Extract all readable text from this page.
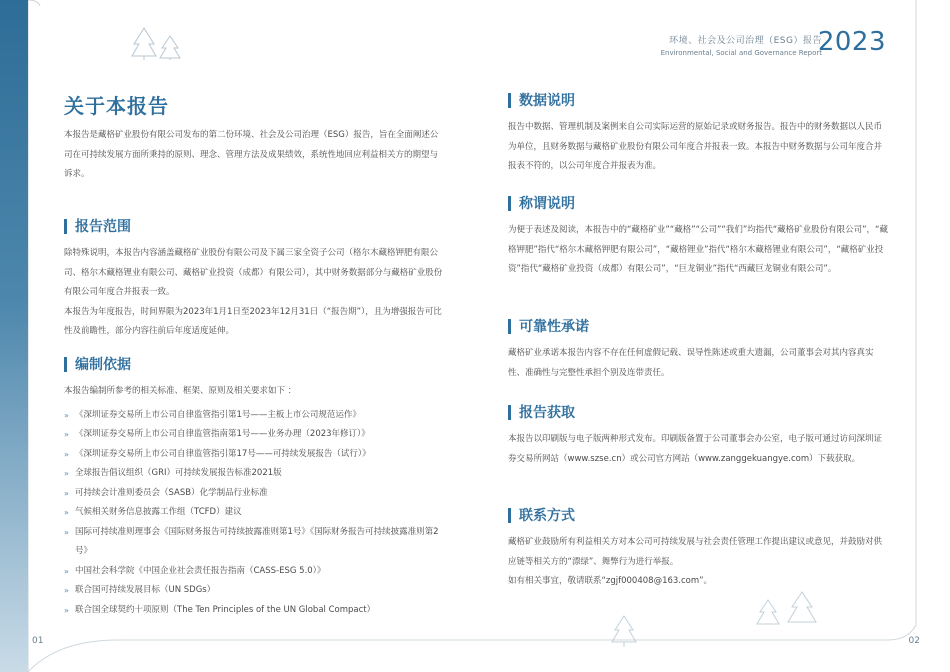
环境、社会及公司治理（ESG）报告
Environmental, Social and Governance Report
2023
关于本报告

本报告是藏格矿业股份有限公司发布的第二份环境、社会及公司治理（ESG）报告，旨在全面阐述公司在可持续发展方面所秉持的原则、理念、管理方法及成果绩效，系统性地回应利益相关方的期望与诉求。

报告范围

除特殊说明，本报告内容涵盖藏格矿业股份有限公司及下属三家全资子公司（格尔木藏格钾肥有限公司、格尔木藏格锂业有限公司、藏格矿业投资（成都）有限公司），其中财务数据部分与藏格矿业股份有限公司年度合并报表一致。

本报告为年度报告，时间界限为2023年1月1日至2023年12月31日（“报告期”），且为增强报告可比性及前瞻性，部分内容往前后年度适度延伸。

编制依据

本报告编制所参考的相关标准、框架、原则及相关要求如下 ：

» 《深圳证券交易所上市公司自律监管指引第1号——主板上市公司规范运作》
» 《深圳证券交易所上市公司自律监管指南第1号——业务办理（2023年修订）》
» 《深圳证券交易所上市公司自律监管指引第17号——可持续发展报告（试行）》
» 全球报告倡议组织（GRI）可持续发展报告标准2021版
» 可持续会计准则委员会（SASB）化学制品行业标准
» 气候相关财务信息披露工作组（TCFD）建议
» 国际可持续准则理事会《国际财务报告可持续披露准则第1号》《国际财务报告可持续披露准则第2号》
» 中国社会科学院《中国企业社会责任报告指南（CASS-ESG 5.0）》
» 联合国可持续发展目标（UN SDGs）
» 联合国全球契约十项原则（The Ten Principles of the UN Global Compact）
数据说明

报告中数据、管理机制及案例来自公司实际运营的原始记录或财务报告。报告中的财务数据以人民币为单位，且财务数据与藏格矿业股份有限公司年度合并报表一致。本报告中财务数据与公司年度合并报表不符的，以公司年度合并报表为准。

称谓说明

为便于表述及阅读，本报告中的“藏格矿业”“藏格”“公司”“我们”均指代“藏格矿业股份有限公司”，“藏格钾肥”指代“格尔木藏格钾肥有限公司”，“藏格锂业”指代“格尔木藏格锂业有限公司”，“藏格矿业投资”指代“藏格矿业投资（成都）有限公司”，“巨龙铜业”指代“西藏巨龙铜业有限公司”。

可靠性承诺

藏格矿业承诺本报告内容不存在任何虚假记载、误导性陈述或重大遗漏，公司董事会对其内容真实性、准确性与完整性承担个别及连带责任。

报告获取

本报告以印刷版与电子版两种形式发布。印刷版备置于公司董事会办公室，电子版可通过访问深圳证券交易所网站（www.szse.cn）或公司官方网站（www.zanggekuangye.com）下载获取。

联系方式

藏格矿业鼓励所有利益相关方对本公司可持续发展与社会责任管理工作提出建议或意见，并鼓励对供应链等相关方的“漂绿”、舞弊行为进行举报。

如有相关事宜，敬请联系“zgjf000408@163.com”。

01	02
